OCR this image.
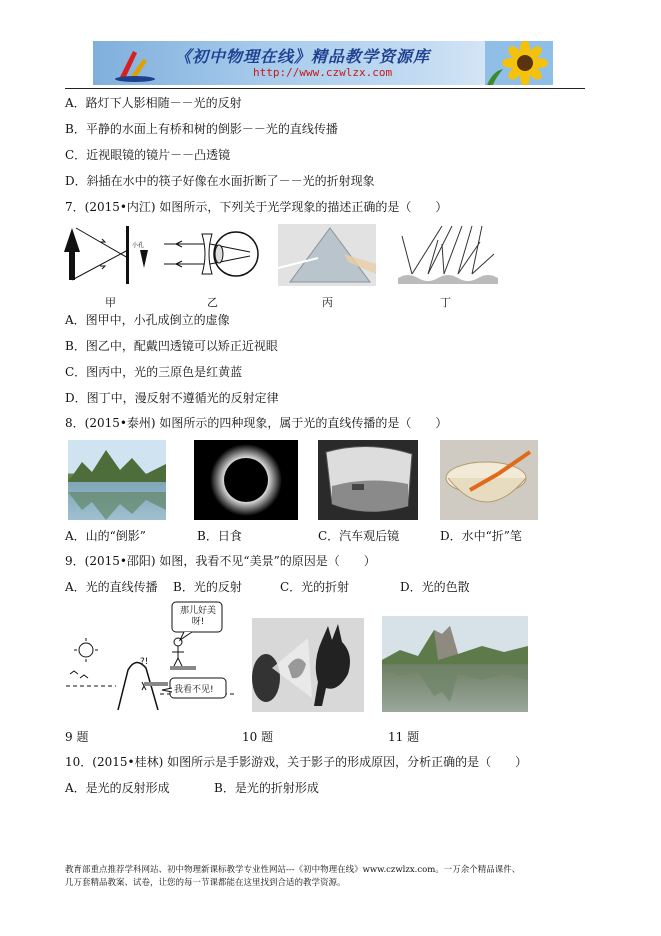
《初中物理在线》精品教学资源库
http://www.czwlzx.com
A．路灯下人影相随－－光的反射
B．平静的水面上有桥和树的倒影－－光的直线传播
C．近视眼镜的镜片－－凸透镜
D．斜插在水中的筷子好像在水面折断了－－光的折射现象
7．(2015•内江) 如图所示，下列关于光学现象的描述正确的是（　　）
小孔
甲	乙	丙	丁
A．图甲中，小孔成倒立的虚像
B．图乙中，配戴凹透镜可以矫正近视眼
C．图丙中，光的三原色是红黄蓝
D．图丁中，漫反射不遵循光的反射定律
8．(2015•泰州) 如图所示的四种现象，属于光的直线传播的是（　　）
A．山的“倒影”	B．日食	C．汽车观后镜	D．水中“折”笔
9．(2015•邵阳) 如图，我看不见“美景”的原因是（　　）
A．光的直线传播 B．光的反射	C．光的折射	D．光的色散
?!
那儿好美呀!
我看不见!
9 题	10 题	11 题
10．(2015•桂林) 如图所示是手影游戏，关于影子的形成原因，分析正确的是（　　）
A．是光的反射形成	B．是光的折射形成
教育部重点推荐学科网站、初中物理新课标教学专业性网站---《初中物理在线》www.czwlzx.com。一万余个精品课件、
几万套精品教案、试卷，让您的每一节课都能在这里找到合适的教学资源。
